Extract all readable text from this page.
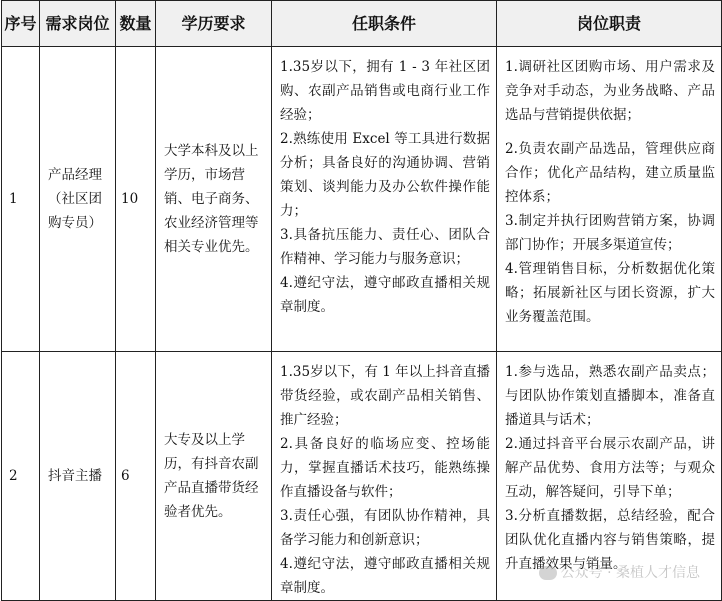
序号	需求岗位	数量	学历要求	任职条件	岗位职责
1	产品经理（社区团购专员）	10	大学本科及以上学历，市场营销、电子商务、农业经济管理等相关专业优先。	1.35岁以下，拥有 1 - 3 年社区团购、农副产品销售或电商行业工作经验；
2.熟练使用 Excel 等工具进行数据分析；具备良好的沟通协调、营销策划、谈判能力及办公软件操作能力；
3.具备抗压能力、责任心、团队合作精神、学习能力与服务意识；
4.遵纪守法，遵守邮政直播相关规章制度。	1.调研社区团购市场、用户需求及竞争对手动态，为业务战略、产品选品与营销提供依据；
2.负责农副产品选品，管理供应商合作；优化产品结构，建立质量监控体系；
3.制定并执行团购营销方案，协调部门协作；开展多渠道宣传；
4.管理销售目标，分析数据优化策略；拓展新社区与团长资源，扩大业务覆盖范围。

2	抖音主播	6	大专及以上学历，有抖音农副产品直播带货经验者优先。	1.35岁以下，有 1 年以上抖音直播带货经验，或农副产品相关销售、推广经验；
2.具备良好的临场应变、控场能力，掌握直播话术技巧，能熟练操作直播设备与软件；
3.责任心强，有团队协作精神，具备学习能力和创新意识；
4.遵纪守法，遵守邮政直播相关规章制度。	1.参与选品，熟悉农副产品卖点；与团队协作策划直播脚本，准备直播道具与话术；
2.通过抖音平台展示农副产品，讲解产品优势、食用方法等；与观众互动，解答疑问，引导下单；
3.分析直播数据，总结经验，配合团队优化直播内容与销售策略，提升直播效果与销量。
公众号 · 桑植人才信息
